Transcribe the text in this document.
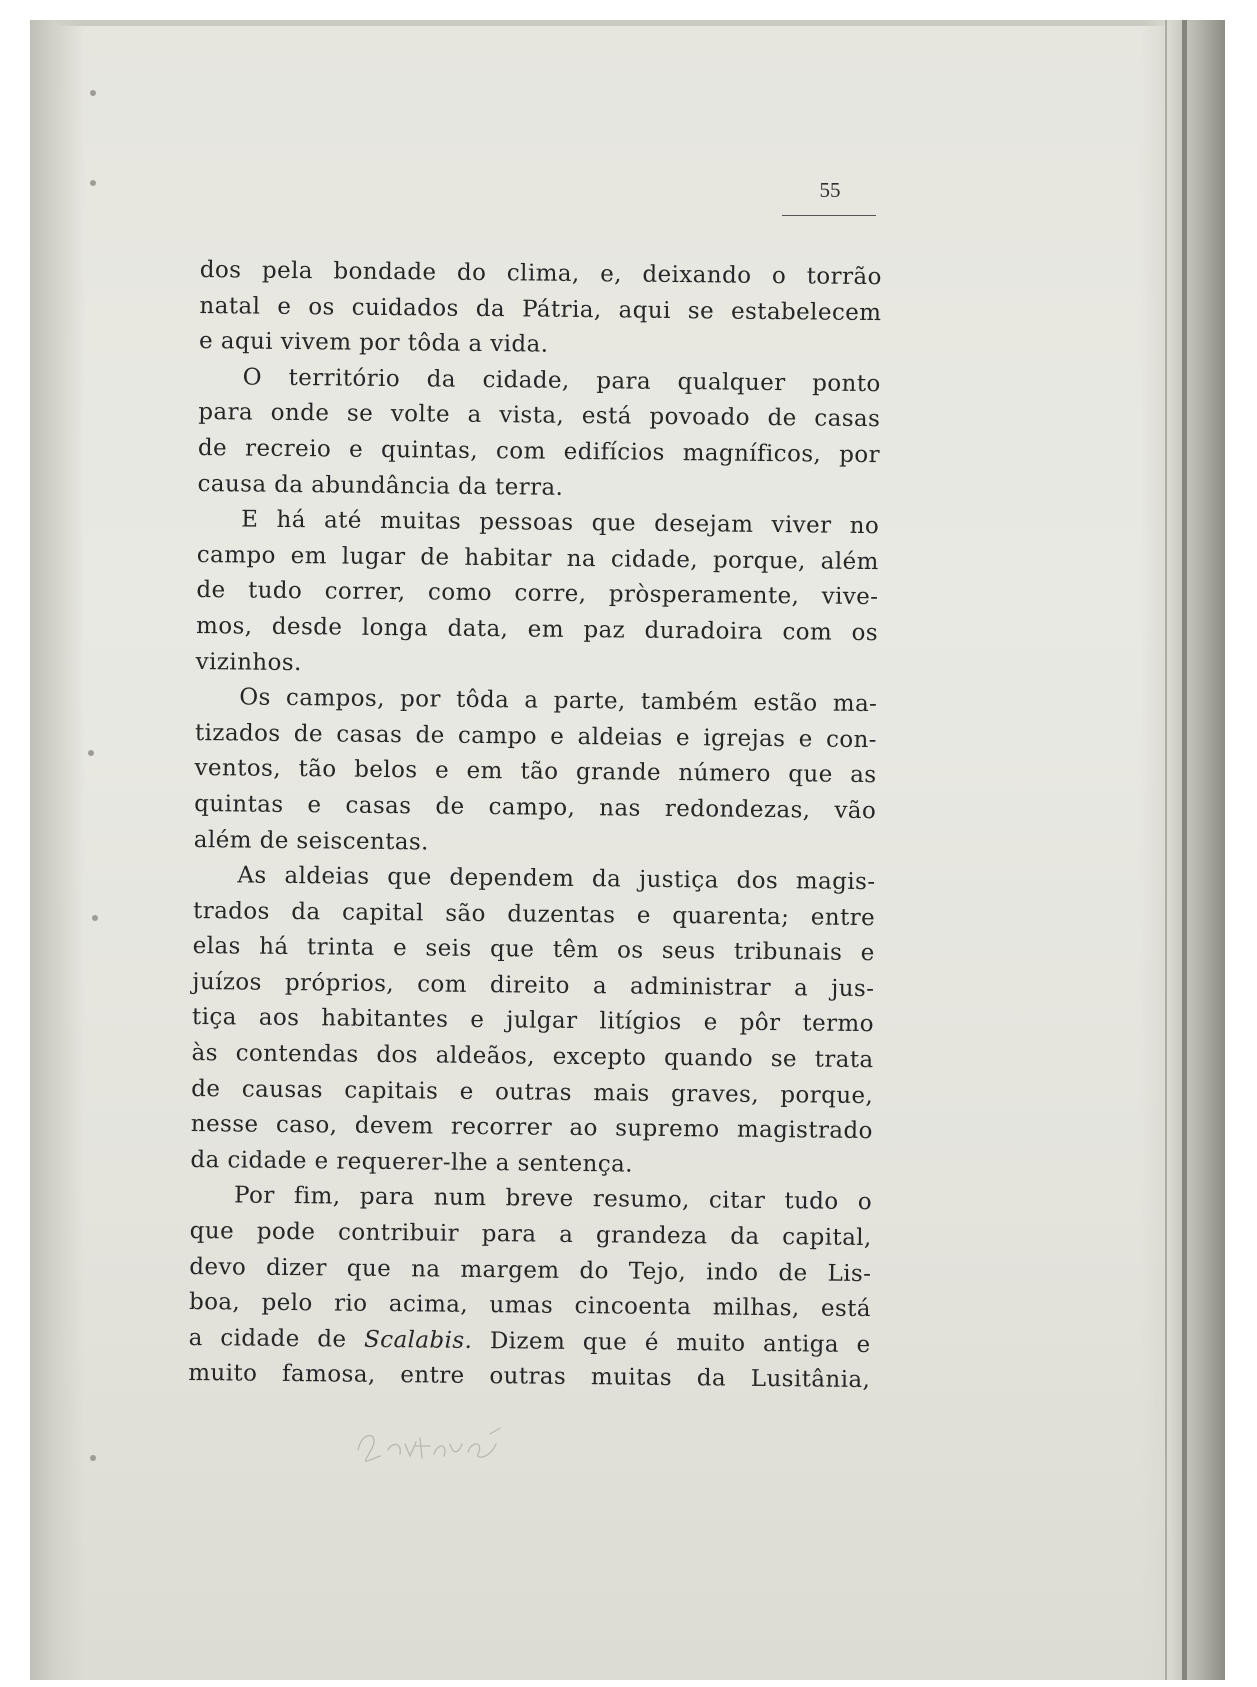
55
dos pela bondade do clima, e, deixando o torrão
natal e os cuidados da Pátria, aqui se estabelecem
e aqui vivem por tôda a vida.
O território da cidade, para qualquer ponto
para onde se volte a vista, está povoado de casas
de recreio e quintas, com edifícios magníficos, por
causa da abundância da terra.
E há até muitas pessoas que desejam viver no
campo em lugar de habitar na cidade, porque, além
de tudo correr, como corre, pròsperamente, vive-
mos, desde longa data, em paz duradoira com os
vizinhos.
Os campos, por tôda a parte, também estão ma-
tizados de casas de campo e aldeias e igrejas e con-
ventos, tão belos e em tão grande número que as
quintas e casas de campo, nas redondezas, vão
além de seiscentas.
As aldeias que dependem da justiça dos magis-
trados da capital são duzentas e quarenta; entre
elas há trinta e seis que têm os seus tribunais e
juízos próprios, com direito a administrar a jus-
tiça aos habitantes e julgar litígios e pôr termo
às contendas dos aldeãos, excepto quando se trata
de causas capitais e outras mais graves, porque,
nesse caso, devem recorrer ao supremo magistrado
da cidade e requerer-lhe a sentença.
Por fim, para num breve resumo, citar tudo o
que pode contribuir para a grandeza da capital,
devo dizer que na margem do Tejo, indo de Lis-
boa, pelo rio acima, umas cincoenta milhas, está
a cidade de Scalabis. Dizem que é muito antiga e
muito famosa, entre outras muitas da Lusitânia,
